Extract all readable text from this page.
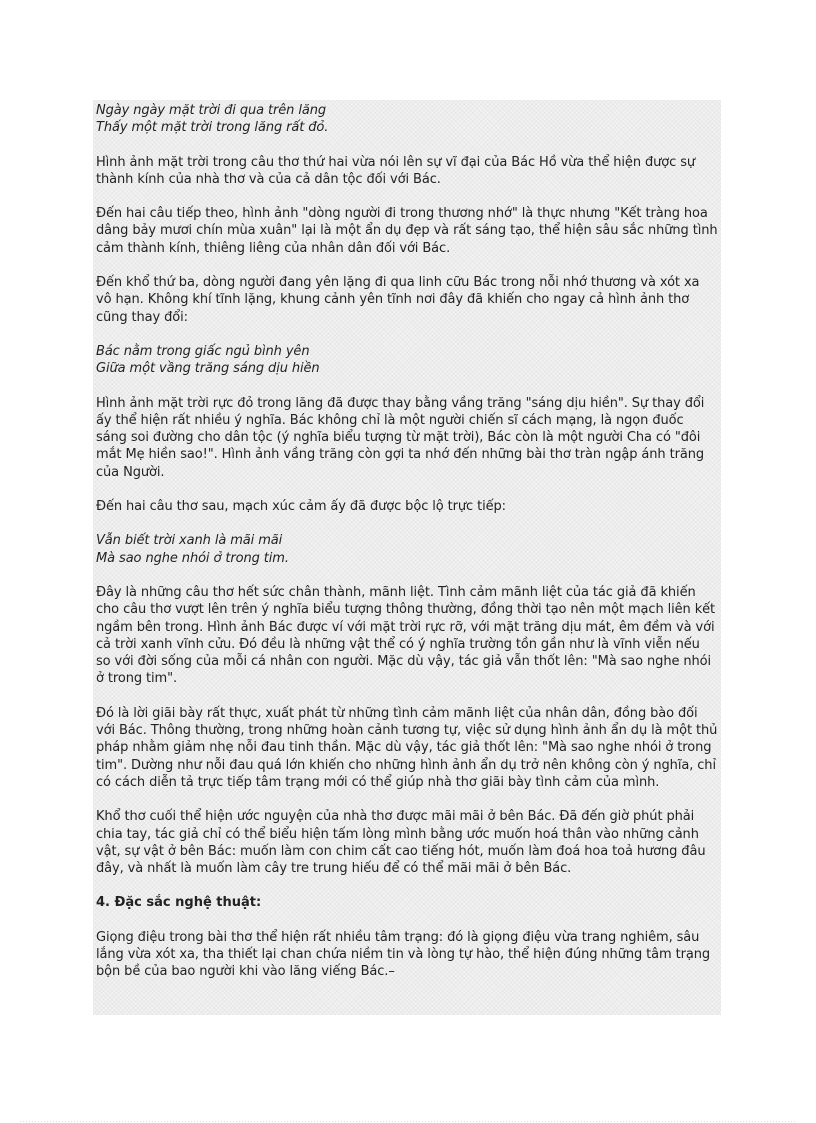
Ngày ngày mặt trời đi qua trên lăng
Thấy một mặt trời trong lăng rất đỏ.

Hình ảnh mặt trời trong câu thơ thứ hai vừa nói lên sự vĩ đại của Bác Hồ vừa thể hiện được sự thành kính của nhà thơ và của cả dân tộc đối với Bác.

Đến hai câu tiếp theo, hình ảnh "dòng người đi trong thương nhớ" là thực nhưng "Kết tràng hoa dâng bảy mươi chín mùa xuân" lại là một ẩn dụ đẹp và rất sáng tạo, thể hiện sâu sắc những tình cảm thành kính, thiêng liêng của nhân dân đối với Bác.

Đến khổ thứ ba, dòng người đang yên lặng đi qua linh cữu Bác trong nỗi nhớ thương và xót xa vô hạn. Không khí tĩnh lặng, khung cảnh yên tĩnh nơi đây đã khiến cho ngay cả hình ảnh thơ cũng thay đổi:

Bác nằm trong giấc ngủ bình yên
Giữa một vầng trăng sáng dịu hiền

Hình ảnh mặt trời rực đỏ trong lăng đã được thay bằng vầng trăng "sáng dịu hiền". Sự thay đổi ấy thể hiện rất nhiều ý nghĩa. Bác không chỉ là một người chiến sĩ cách mạng, là ngọn đuốc sáng soi đường cho dân tộc (ý nghĩa biểu tượng từ mặt trời), Bác còn là một người Cha có "đôi mắt Mẹ hiền sao!". Hình ảnh vầng trăng còn gợi ta nhớ đến những bài thơ tràn ngập ánh trăng của Người.

Đến hai câu thơ sau, mạch xúc cảm ấy đã được bộc lộ trực tiếp:

Vẫn biết trời xanh là mãi mãi
Mà sao nghe nhói ở trong tim.

Đây là những câu thơ hết sức chân thành, mãnh liệt. Tình cảm mãnh liệt của tác giả đã khiến cho câu thơ vượt lên trên ý nghĩa biểu tượng thông thường, đồng thời tạo nên một mạch liên kết ngầm bên trong. Hình ảnh Bác được ví với mặt trời rực rỡ, với mặt trăng dịu mát, êm đềm và với cả trời xanh vĩnh cửu. Đó đều là những vật thể có ý nghĩa trường tồn gần như là vĩnh viễn nếu so với đời sống của mỗi cá nhân con người. Mặc dù vậy, tác giả vẫn thốt lên: "Mà sao nghe nhói ở trong tim".

Đó là lời giãi bày rất thực, xuất phát từ những tình cảm mãnh liệt của nhân dân, đồng bào đối với Bác. Thông thường, trong những hoàn cảnh tương tự, việc sử dụng hình ảnh ẩn dụ là một thủ pháp nhằm giảm nhẹ nỗi đau tinh thần. Mặc dù vậy, tác giả thốt lên: "Mà sao nghe nhói ở trong tim". Dường như nỗi đau quá lớn khiến cho những hình ảnh ẩn dụ trở nên không còn ý nghĩa, chỉ có cách diễn tả trực tiếp tâm trạng mới có thể giúp nhà thơ giãi bày tình cảm của mình.

Khổ thơ cuối thể hiện ước nguyện của nhà thơ được mãi mãi ở bên Bác. Đã đến giờ phút phải chia tay, tác giả chỉ có thể biểu hiện tấm lòng mình bằng ước muốn hoá thân vào những cảnh vật, sự vật ở bên Bác: muốn làm con chim cất cao tiếng hót, muốn làm đoá hoa toả hương đâu đây, và nhất là muốn làm cây tre trung hiếu để có thể mãi mãi ở bên Bác.

4. Đặc sắc nghệ thuật:

Giọng điệu trong bài thơ thể hiện rất nhiều tâm trạng: đó là giọng điệu vừa trang nghiêm, sâu lắng vừa xót xa, tha thiết lại chan chứa niềm tin và lòng tự hào, thể hiện đúng những tâm trạng bộn bề của bao người khi vào lăng viếng Bác.–
